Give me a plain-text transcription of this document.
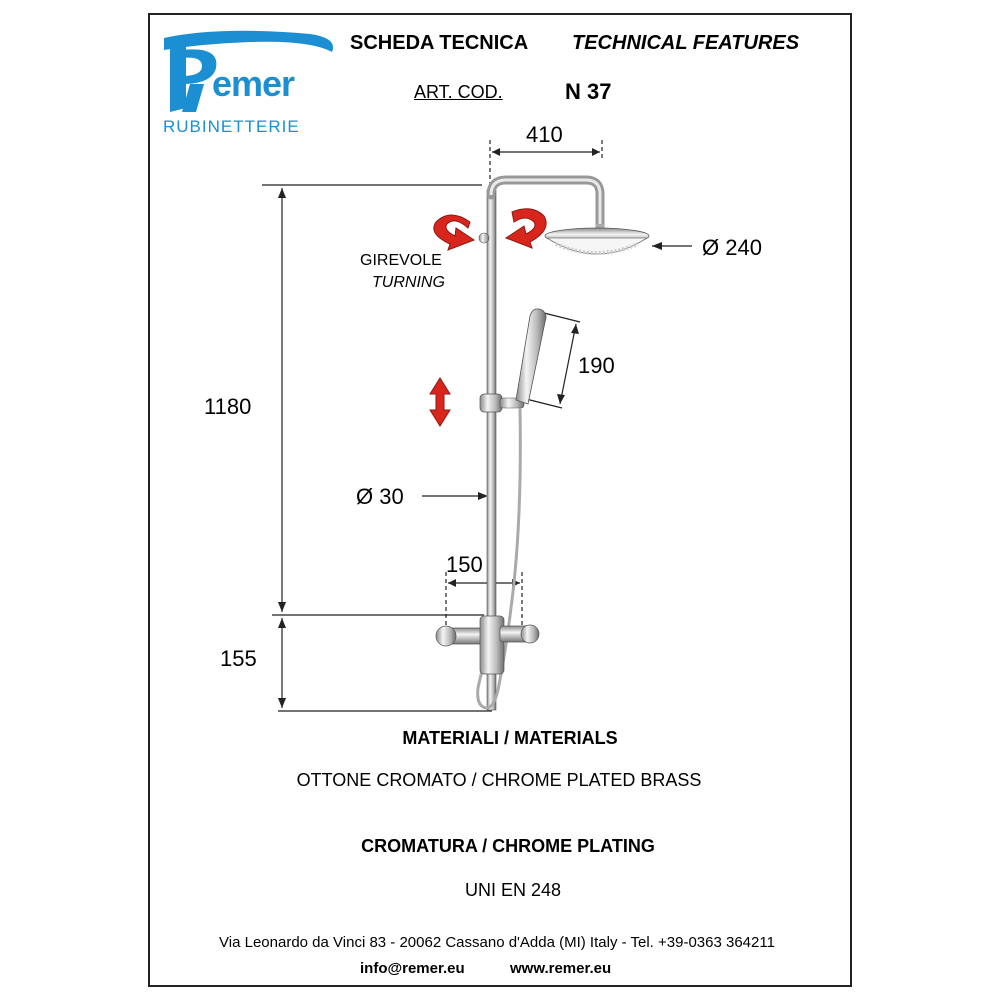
emer
RUBINETTERIE
SCHEDA TECNICA TECHNICAL FEATURES
ART. COD.	N 37
410
Ø 240
1180
190
Ø 30
150
155
GIREVOLE
TURNING
MATERIALI / MATERIALS
OTTONE CROMATO / CHROME PLATED BRASS
CROMATURA / CHROME PLATING
UNI EN 248
Via Leonardo da Vinci 83 - 20062 Cassano d'Adda (MI) Italy - Tel. +39-0363 364211
info@remer.eu	www.remer.eu
